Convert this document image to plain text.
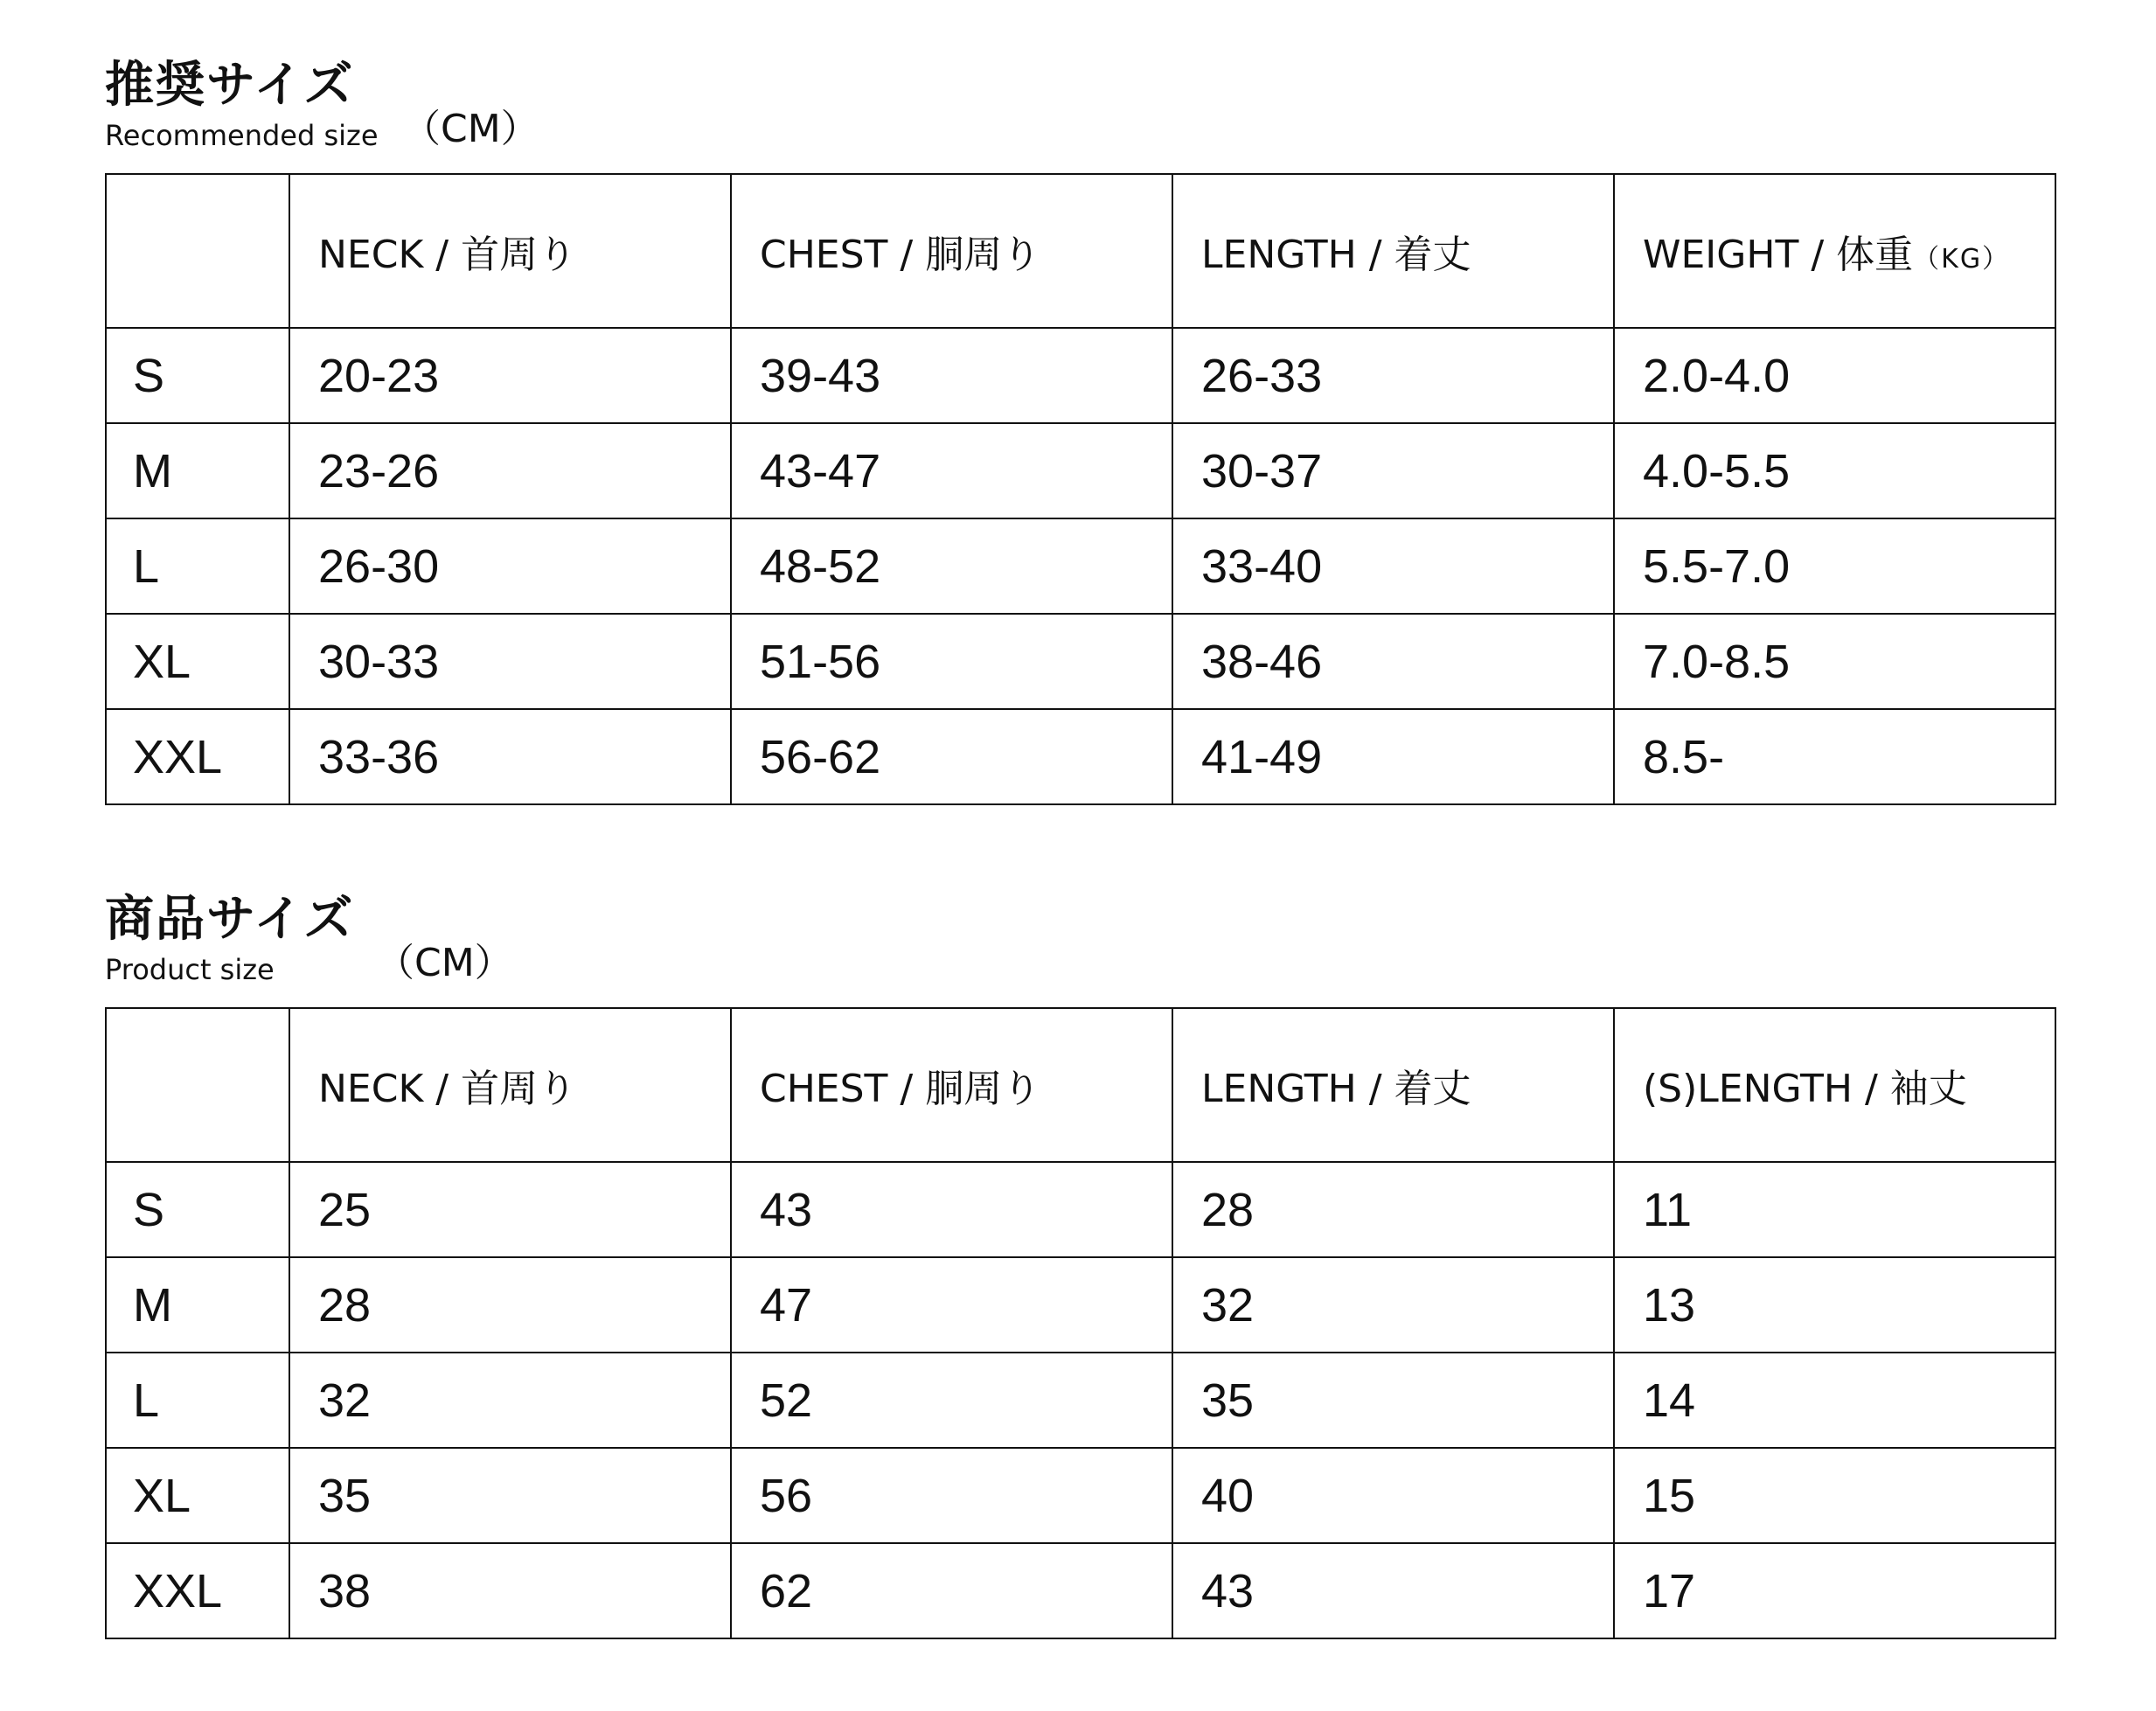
推奨サイズ
Recommended size （CM）
	NECK / 首周り	CHEST / 胴周り	LENGTH / 着丈	WEIGHT / 体重（KG）
S	20-23	39-43	26-33	2.0-4.0
M	23-26	43-47	30-37	4.0-5.5
L	26-30	48-52	33-40	5.5-7.0
XL	30-33	51-56	38-46	7.0-8.5
XXL	33-36	56-62	41-49	8.5-
商品サイズ
Product size	（CM）
	NECK / 首周り	CHEST / 胴周り	LENGTH / 着丈	(S)LENGTH / 袖丈
S	25	43	28	11
M	28	47	32	13
L	32	52	35	14
XL	35	56	40	15
XXL	38	62	43	17
